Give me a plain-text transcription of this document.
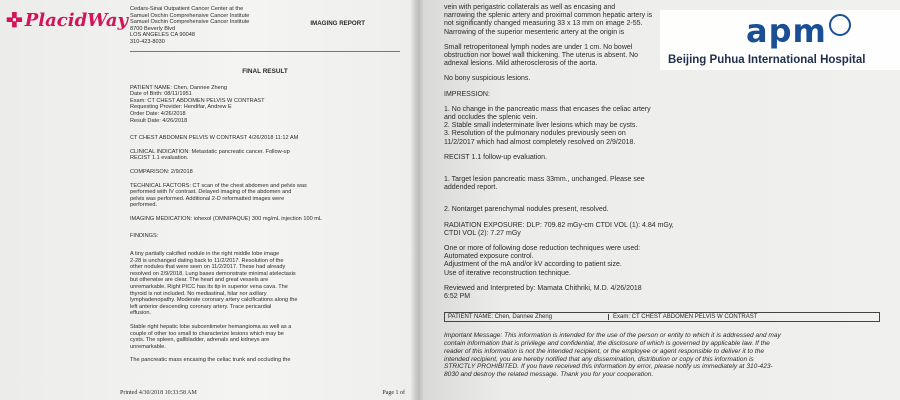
Cedars-Sinai Outpatient Cancer Center at the

Samuel Oschin Comprehensive Cancer Institute

Samuel Oschin Comprehensive Cancer Institute

8700 Beverly Blvd

LOS ANGELES CA 90048

310-423-8030

IMAGING REPORT
FINAL RESULT

PATIENT NAME: Chen, Dannee Zheng

Date of Birth: 08/11/1951

Exam: CT CHEST ABDOMEN PELVIS W CONTRAST

Requesting Provider: Hendifar, Andrew E

Order Date: 4/26/2018

Result Date: 4/26/2018

CT CHEST ABDOMEN PELVIS W CONTRAST 4/26/2018 11:12 AM

CLINICAL INDICATION: Metastatic pancreatic cancer. Follow-up

RECIST 1.1 evaluation.

COMPARISON: 2/9/2018

TECHNICAL FACTORS: CT scan of the chest abdomen and pelvis was

performed with IV contrast. Delayed imaging of the abdomen and

pelvis was performed. Additional 2-D reformatted images were

performed.

IMAGING MEDICATION: iohexol (OMNIPAQUE) 300 mg/mL injection 100 mL

FINDINGS:

A tiny partially calcified nodule in the right middle lobe image

2-28 is unchanged dating back to 11/2/2017. Resolution of the

other nodules that were seen on 11/2/2017. These had already

resolved on 2/9/2018. Lung bases demonstrate minimal atelectasis

but otherwise are clear. The heart and great vessels are

unremarkable. Right PICC has its tip in superior vena cava. The

thyroid is not included. No mediastinal, hilar nor axillary

lymphadenopathy. Moderate coronary artery calcifications along the

left anterior descending coronary artery. Trace pericardial

effusion.

Stable right hepatic lobe subcentimeter hemangioma as well as a

couple of other too small to characterize lesions which may be

cysts. The spleen, gallbladder, adrenals and kidneys are

unremarkable.

The pancreatic mass encasing the celiac trunk and occluding the

Printed 4/30/2018 10:33:58 AM	Page 1 of

vein with perigastric collaterals as well as encasing and

narrowing the splenic artery and proximal common hepatic artery is

not significantly changed measuring 33 x 13 mm on image 2-55.

Narrowing of the superior mesenteric artery at the origin is

Small retroperitoneal lymph nodes are under 1 cm. No bowel

obstruction nor bowel wall thickening. The uterus is absent. No

adnexal lesions. Mild atherosclerosis of the aorta.

No bony suspicious lesions.

IMPRESSION:

1. No change in the pancreatic mass that encases the celiac artery

and occludes the splenic vein.

2. Stable small indeterminate liver lesions which may be cysts.

3. Resolution of the pulmonary nodules previously seen on

11/2/2017 which had almost completely resolved on 2/9/2018.

RECIST 1.1 follow-up evaluation.

1. Target lesion pancreatic mass 33mm., unchanged. Please see

addended report.

2. Nontarget parenchymal nodules present, resolved.

RADIATION EXPOSURE: DLP: 709.82 mGy-cm CTDI VOL (1): 4.84 mGy,

CTDI VOL (2): 7.27 mGy

One or more of following dose reduction techniques were used:

Automated exposure control.

Adjustment of the mA and/or kV according to patient size.

Use of iterative reconstruction technique.

Reviewed and Interpreted by: Mamata Chithriki, M.D. 4/26/2018

6:52 PM

PATIENT NAME: Chen, Dannee Zheng	Exam: CT CHEST ABDOMEN PELVIS W CONTRAST

Important Message: This information is intended for the use of the person or entity to which it is addressed and may

contain information that is privilege and confidential, the disclosure of which is governed by applicable law. If the

reader of this information is not the intended recipient, or the employee or agent responsible to deliver it to the

intended recipient, you are hereby notified that any dissemination, distribution or copy of this information is

STRICTLY PROHIBITED. If you have received this information by error, please notify us immediately at 310-423-

8030 and destroy the related message. Thank you for your cooperation.

✜ PlacidWay	apm
Beijing Puhua International Hospital
